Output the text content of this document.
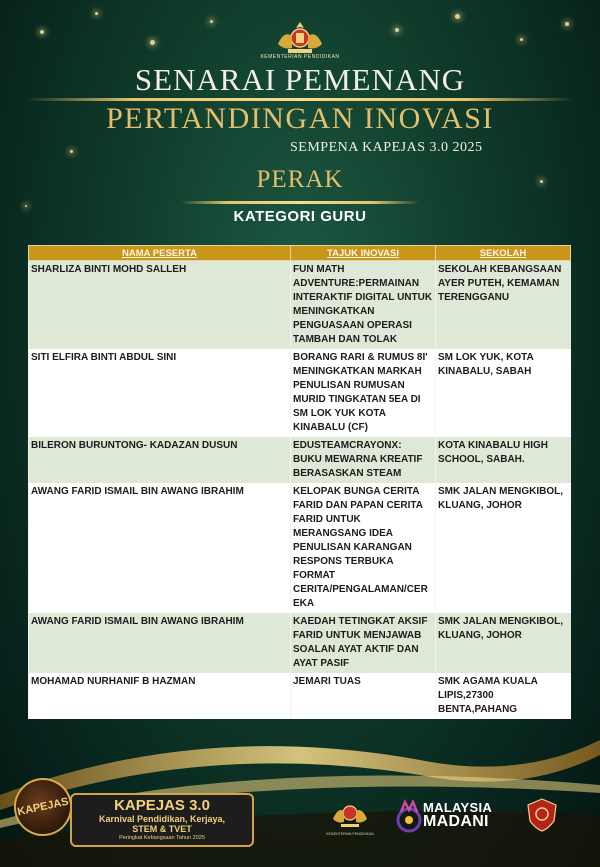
KEMENTERIAN PENDIDIKAN
SENARAI PEMENANG
PERTANDINGAN INOVASI
SEMPENA KAPEJAS 3.0 2025
PERAK
KATEGORI GURU
NAMA PESERTA	TAJUK INOVASI	SEKOLAH
SHARLIZA BINTI MOHD SALLEH	FUN MATH ADVENTURE:PERMAINAN INTERAKTIF DIGITAL UNTUK MENINGKATKAN PENGUASAAN OPERASI TAMBAH DAN TOLAK	SEKOLAH KEBANGSAAN AYER PUTEH, KEMAMAN TERENGGANU
SITI ELFIRA BINTI ABDUL SINI	BORANG RARI & RUMUS 8I' MENINGKATKAN MARKAH PENULISAN RUMUSAN MURID TINGKATAN 5EA DI SM LOK YUK KOTA KINABALU (CF)	SM LOK YUK, KOTA KINABALU, SABAH
BILERON BURUNTONG- KADAZAN DUSUN	EDUSTEAMCRAYONX: BUKU MEWARNA KREATIF BERASASKAN STEAM	KOTA KINABALU HIGH SCHOOL, SABAH.
AWANG FARID ISMAIL BIN AWANG IBRAHIM	KELOPAK BUNGA CERITA FARID DAN PAPAN CERITA FARID UNTUK MERANGSANG IDEA PENULISAN KARANGAN RESPONS TERBUKA FORMAT CERITA/PENGALAMAN/CER EKA	SMK JALAN MENGKIBOL, KLUANG, JOHOR
AWANG FARID ISMAIL BIN AWANG IBRAHIM	KAEDAH TETINGKAT AKSIF FARID UNTUK MENJAWAB SOALAN AYAT AKTIF DAN AYAT PASIF	SMK JALAN MENGKIBOL, KLUANG, JOHOR
MOHAMAD NURHANIF B HAZMAN	JEMARI TUAS	SMK AGAMA KUALA LIPIS,27300 BENTA,PAHANG
KAPEJAS	KAPEJAS 3.0
Karnival Pendidikan, Kerjaya,
STEM & TVET
Peringkat Kebangsaan Tahun 2025
KEMENTERIAN PENDIDIKAN
MALAYSIA
MADANI
